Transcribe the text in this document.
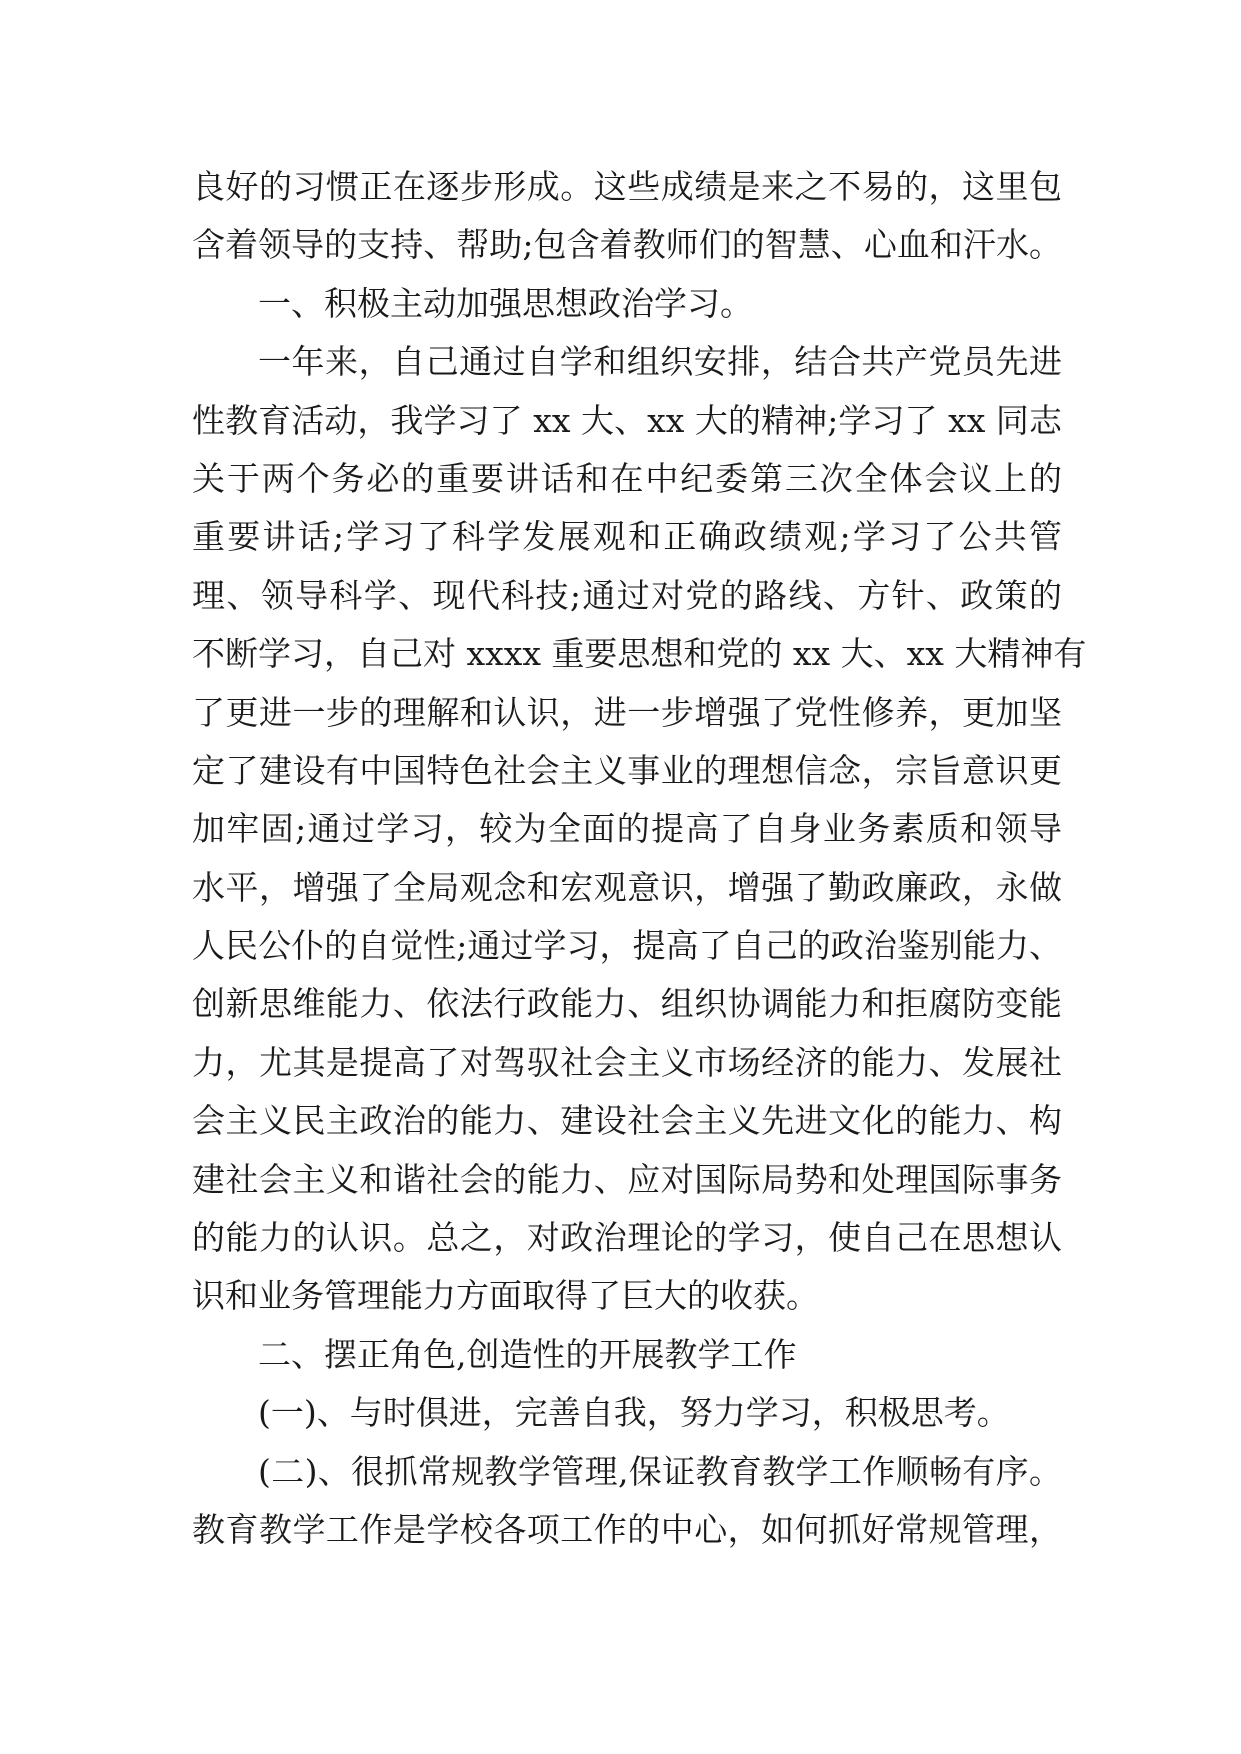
良好的习惯正在逐步形成。这些成绩是来之不易的，这里包
含着领导的支持、帮助;包含着教师们的智慧、心血和汗水。
一、积极主动加强思想政治学习。
一年来，自己通过自学和组织安排，结合共产党员先进
性教育活动，我学习了 xx 大、xx 大的精神;学习了 xx 同志
关于两个务必的重要讲话和在中纪委第三次全体会议上的
重要讲话;学习了科学发展观和正确政绩观;学习了公共管
理、领导科学、现代科技;通过对党的路线、方针、政策的
不断学习，自己对 xxxx 重要思想和党的 xx 大、xx 大精神有
了更进一步的理解和认识，进一步增强了党性修养，更加坚
定了建设有中国特色社会主义事业的理想信念，宗旨意识更
加牢固;通过学习，较为全面的提高了自身业务素质和领导
水平，增强了全局观念和宏观意识，增强了勤政廉政，永做
人民公仆的自觉性;通过学习，提高了自己的政治鉴别能力、
创新思维能力、依法行政能力、组织协调能力和拒腐防变能
力，尤其是提高了对驾驭社会主义市场经济的能力、发展社
会主义民主政治的能力、建设社会主义先进文化的能力、构
建社会主义和谐社会的能力、应对国际局势和处理国际事务
的能力的认识。总之，对政治理论的学习，使自己在思想认
识和业务管理能力方面取得了巨大的收获。
二、摆正角色,创造性的开展教学工作
(一)、与时俱进，完善自我，努力学习，积极思考。
(二)、很抓常规教学管理,保证教育教学工作顺畅有序。
教育教学工作是学校各项工作的中心，如何抓好常规管理，
